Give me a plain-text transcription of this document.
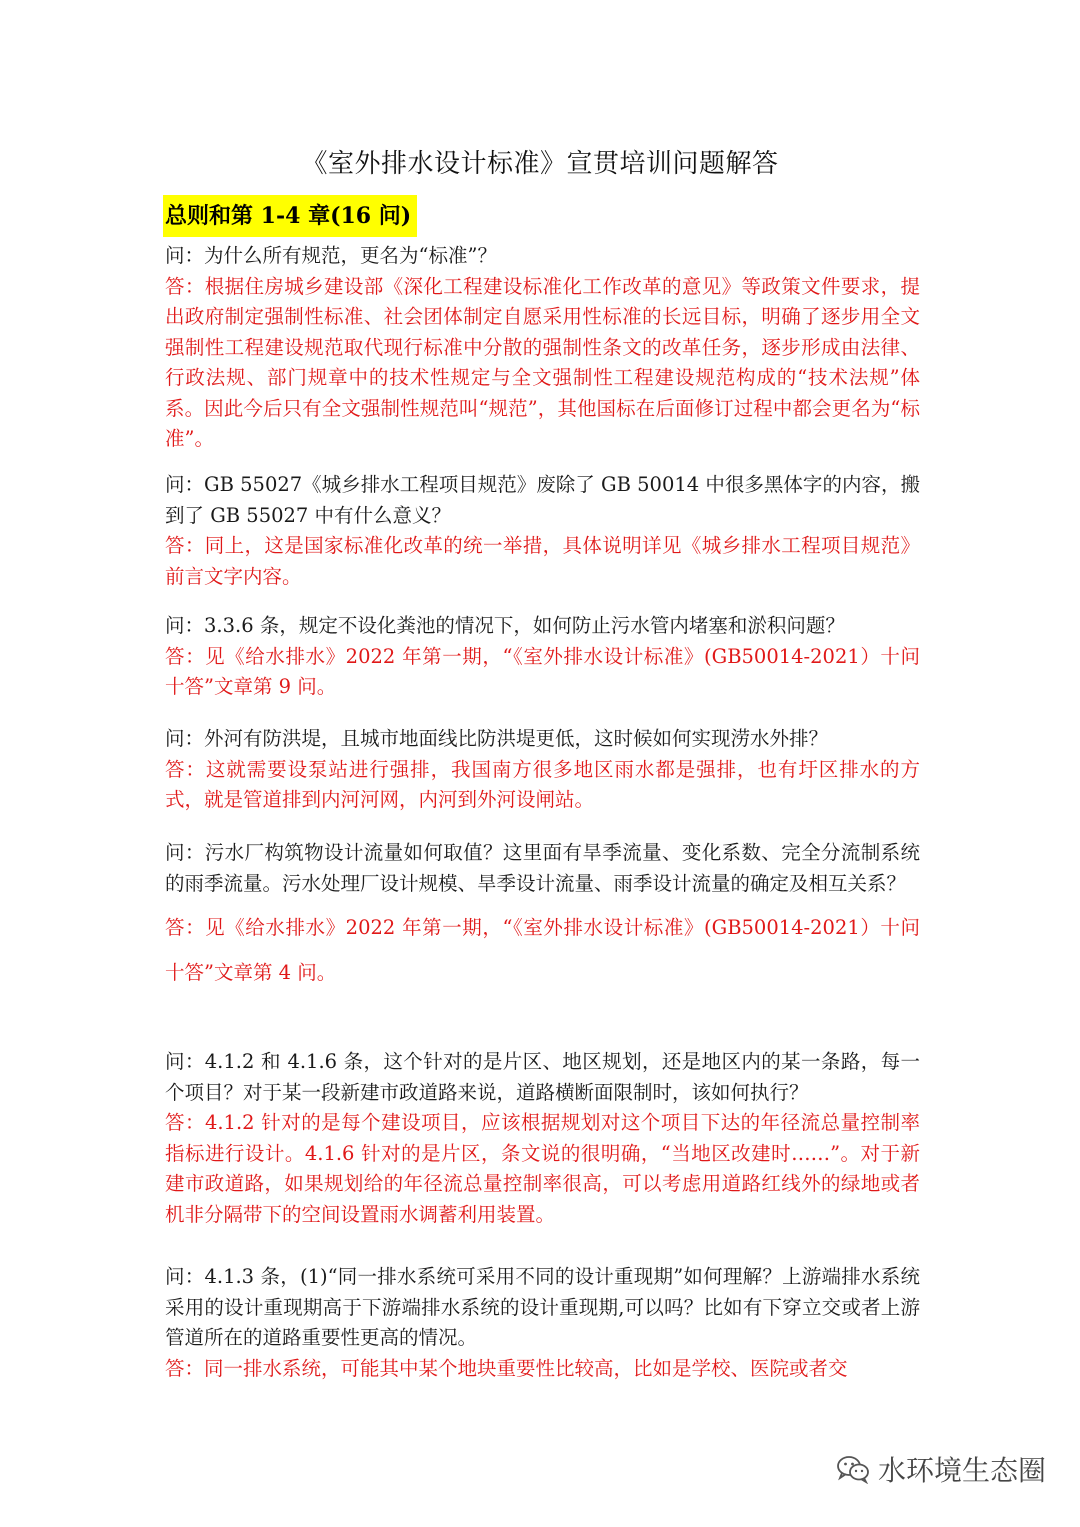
《室外排水设计标准》宣贯培训问题解答
总则和第 1-4 章(16 问)
问：为什么所有规范，更名为“标准”？
答：根据住房城乡建设部《深化工程建设标准化工作改革的意见》等政策文件要求，提出政府制定强制性标准、社会团体制定自愿采用性标准的长远目标，明确了逐步用全文强制性工程建设规范取代现行标准中分散的强制性条文的改革任务，逐步形成由法律、行政法规、部门规章中的技术性规定与全文强制性工程建设规范构成的“技术法规”体系。因此今后只有全文强制性规范叫“规范”，其他国标在后面修订过程中都会更名为“标准”。
问：GB 55027《城乡排水工程项目规范》废除了 GB 50014 中很多黑体字的内容，搬到了 GB 55027 中有什么意义？
答：同上，这是国家标准化改革的统一举措，具体说明详见《城乡排水工程项目规范》前言文字内容。
问：3.3.6 条，规定不设化粪池的情况下，如何防止污水管内堵塞和淤积问题？
答：见《给水排水》2022 年第一期，“《室外排水设计标准》(GB50014-2021）十问十答”文章第 9 问。
问：外河有防洪堤，且城市地面线比防洪堤更低，这时候如何实现涝水外排？
答：这就需要设泵站进行强排，我国南方很多地区雨水都是强排，也有圩区排水的方式，就是管道排到内河河网，内河到外河设闸站。
问：污水厂构筑物设计流量如何取值？这里面有旱季流量、变化系数、完全分流制系统的雨季流量。污水处理厂设计规模、旱季设计流量、雨季设计流量的确定及相互关系？
答：见《给水排水》2022 年第一期，“《室外排水设计标准》(GB50014-2021）十问十答”文章第 4 问。
问：4.1.2 和 4.1.6 条，这个针对的是片区、地区规划，还是地区内的某一条路，每一个项目？对于某一段新建市政道路来说，道路横断面限制时，该如何执行？
答：4.1.2 针对的是每个建设项目，应该根据规划对这个项目下达的年径流总量控制率指标进行设计。4.1.6 针对的是片区，条文说的很明确，“当地区改建时……”。对于新建市政道路，如果规划给的年径流总量控制率很高，可以考虑用道路红线外的绿地或者机非分隔带下的空间设置雨水调蓄利用装置。
问：4.1.3 条，(1)“同一排水系统可采用不同的设计重现期”如何理解？上游端排水系统采用的设计重现期高于下游端排水系统的设计重现期,可以吗？比如有下穿立交或者上游管道所在的道路重要性更高的情况。
答：同一排水系统，可能其中某个地块重要性比较高，比如是学校、医院或者交
水环境生态圈
